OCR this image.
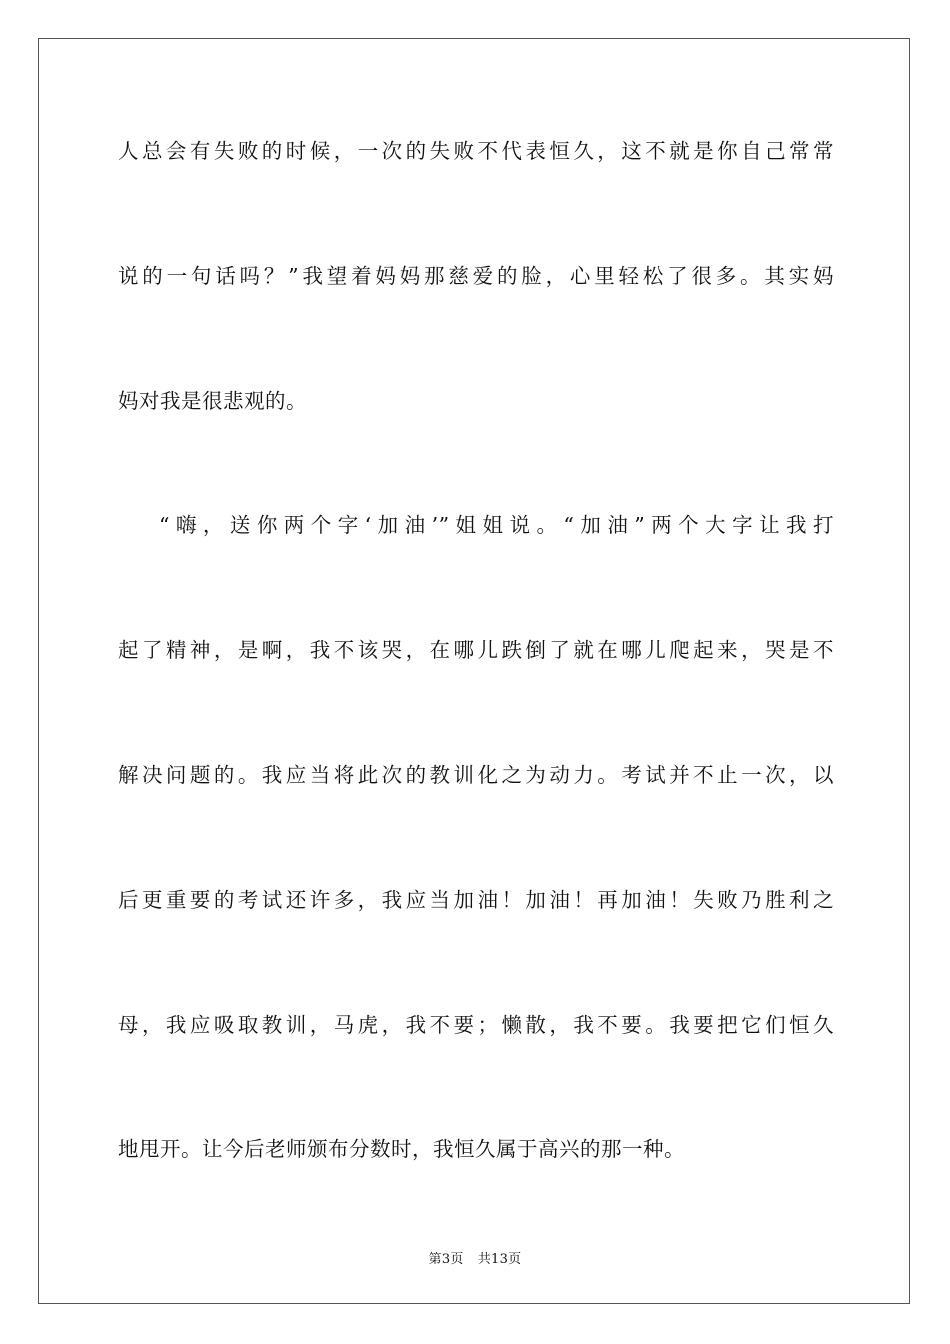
人总会有失败的时候，一次的失败不代表恒久，这不就是你自己常常
说的一句话吗？”我望着妈妈那慈爱的脸，心里轻松了很多。其实妈
妈对我是很悲观的。
“嗨，送你两个字‘加油’”姐姐说。“加油”两个大字让我打
起了精神，是啊，我不该哭，在哪儿跌倒了就在哪儿爬起来，哭是不
解决问题的。我应当将此次的教训化之为动力。考试并不止一次，以
后更重要的考试还许多，我应当加油！加油！再加油！失败乃胜利之
母，我应吸取教训，马虎，我不要；懒散，我不要。我要把它们恒久
地甩开。让今后老师颁布分数时，我恒久属于高兴的那一种。
第3页 共13页
